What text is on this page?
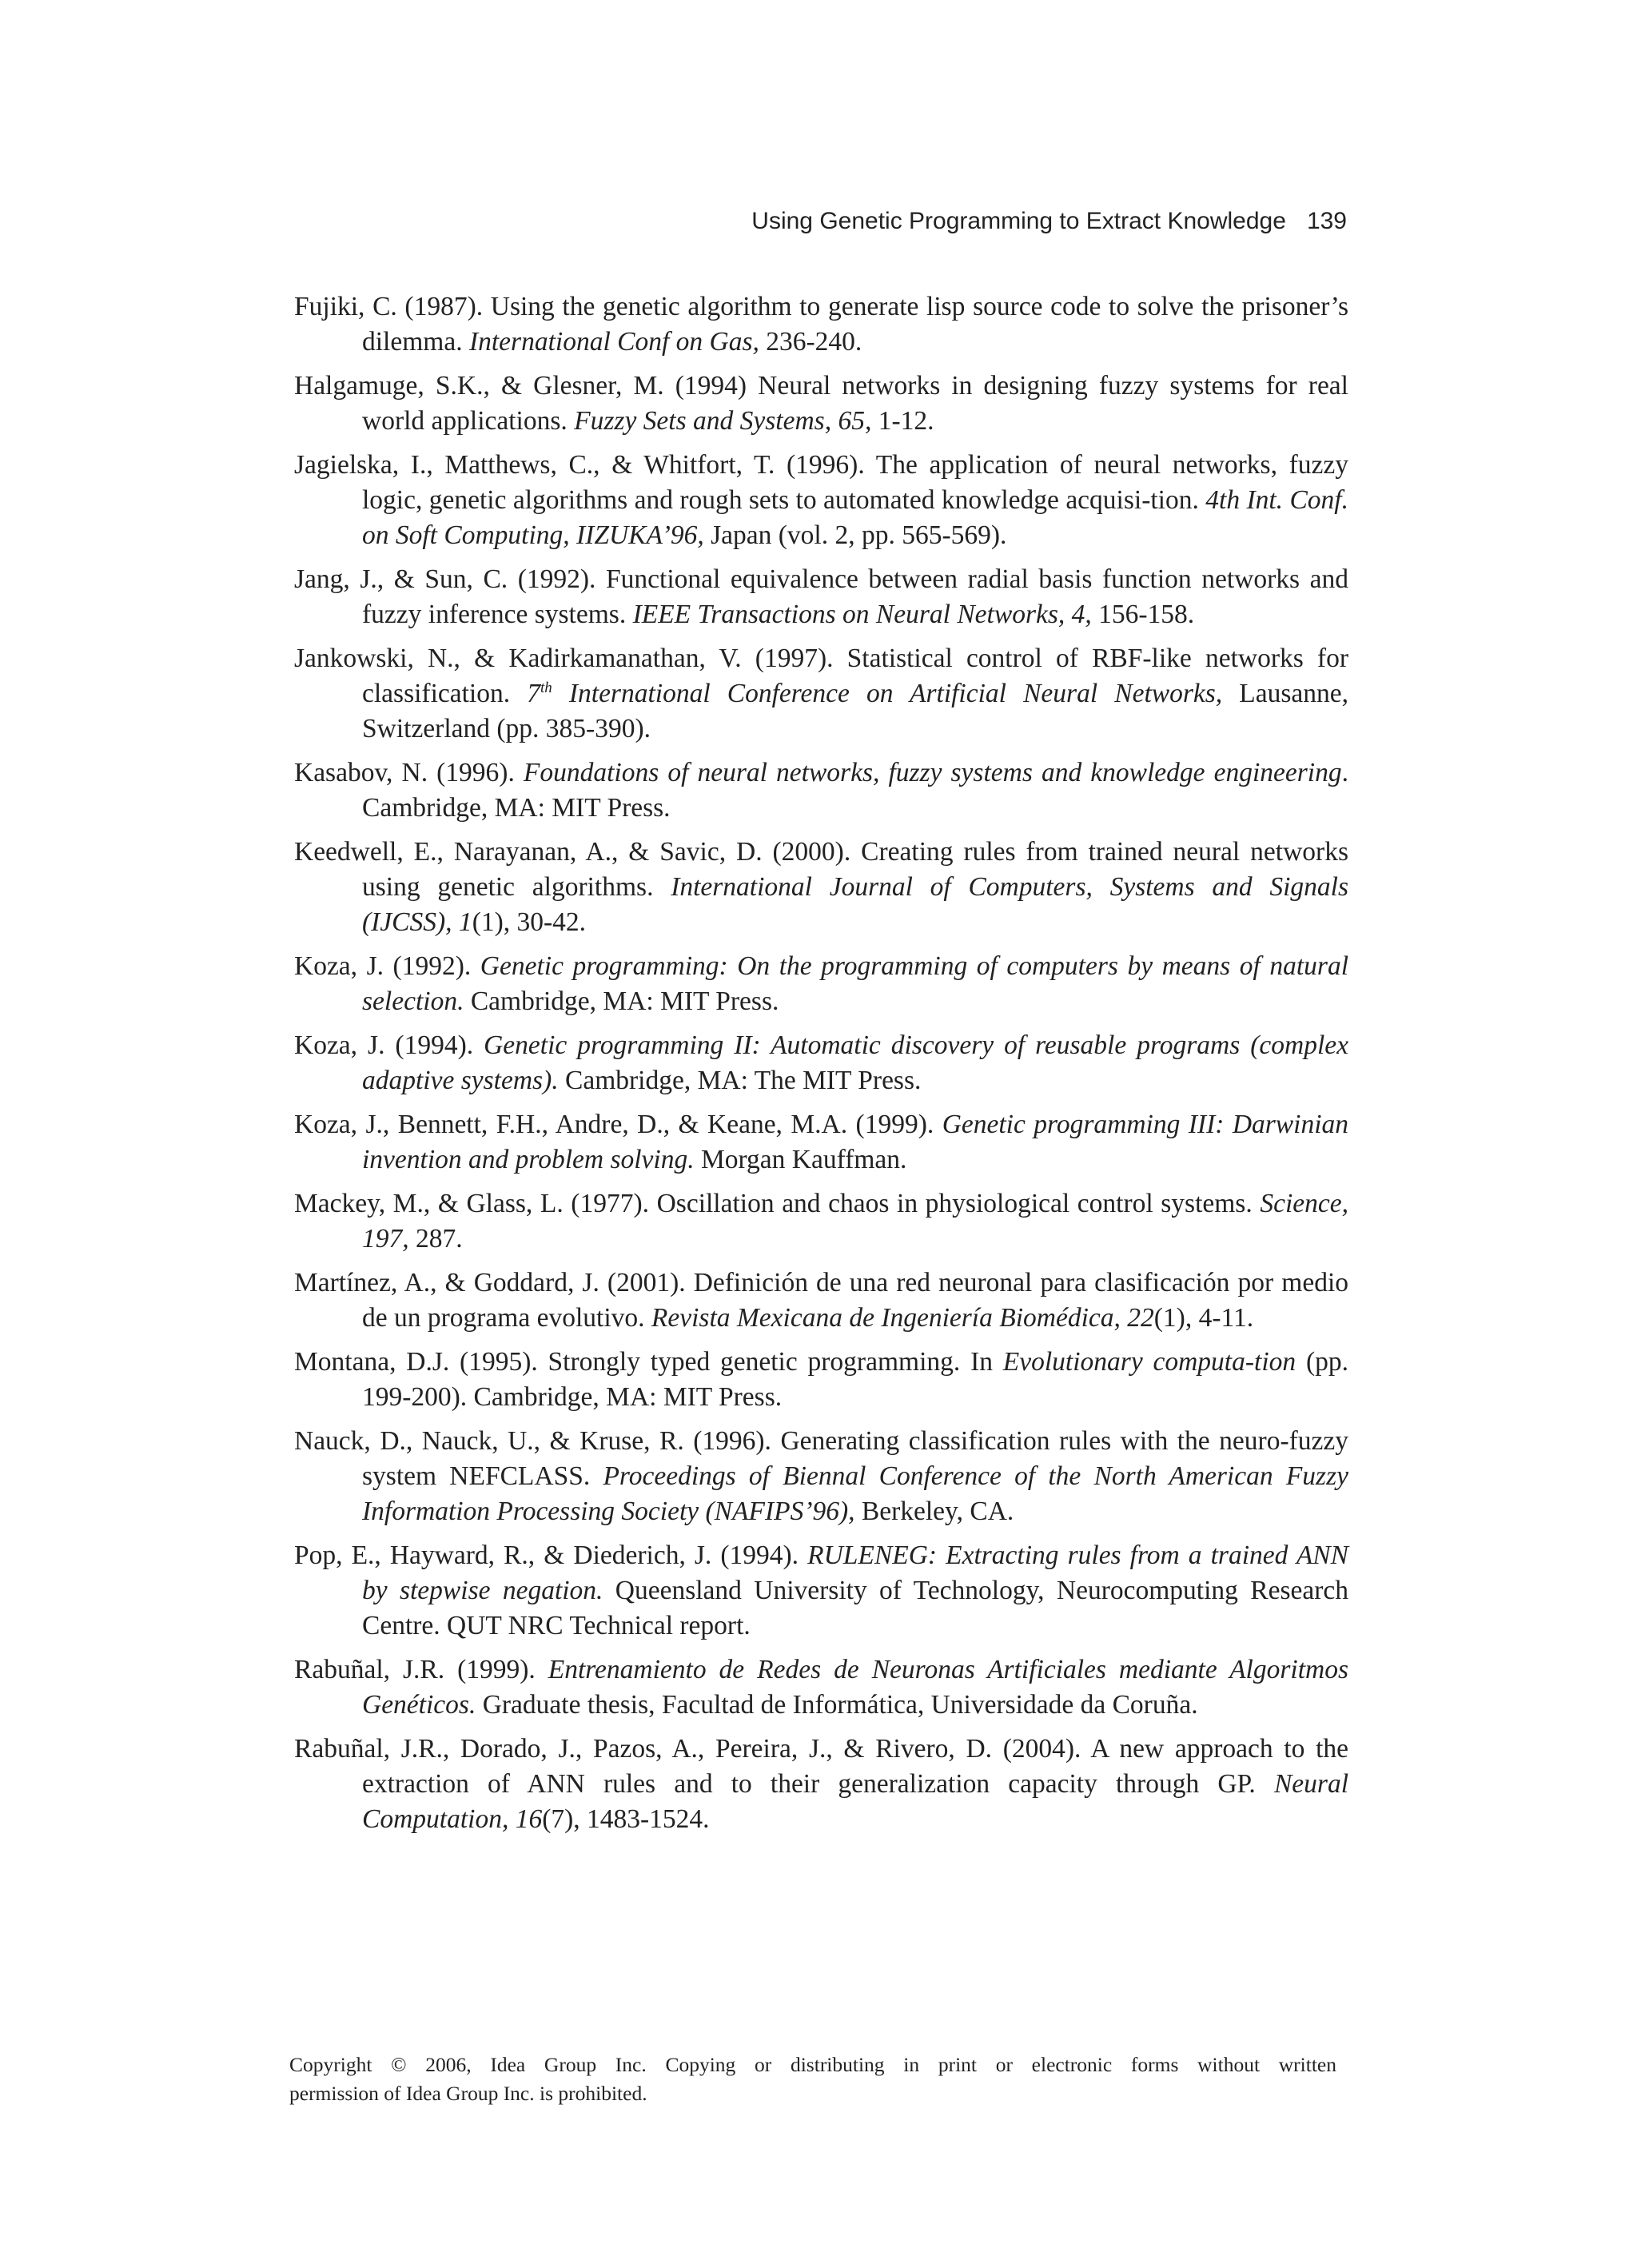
Using Genetic Programming to Extract Knowledge 139

Fujiki, C. (1987). Using the genetic algorithm to generate lisp source code to solve the prisoner’s dilemma. International Conf on Gas, 236-240.

Halgamuge, S.K., & Glesner, M. (1994) Neural networks in designing fuzzy systems for real world applications. Fuzzy Sets and Systems, 65, 1-12.

Jagielska, I., Matthews, C., & Whitfort, T. (1996). The application of neural networks, fuzzy logic, genetic algorithms and rough sets to automated knowledge acquisi-tion. 4th Int. Conf. on Soft Computing, IIZUKA’96, Japan (vol. 2, pp. 565-569).

Jang, J., & Sun, C. (1992). Functional equivalence between radial basis function networks and fuzzy inference systems. IEEE Transactions on Neural Networks, 4, 156-158.

Jankowski, N., & Kadirkamanathan, V. (1997). Statistical control of RBF-like networks for classification. 7th International Conference on Artificial Neural Networks, Lausanne, Switzerland (pp. 385-390).

Kasabov, N. (1996). Foundations of neural networks, fuzzy systems and knowledge engineering. Cambridge, MA: MIT Press.

Keedwell, E., Narayanan, A., & Savic, D. (2000). Creating rules from trained neural networks using genetic algorithms. International Journal of Computers, Systems and Signals (IJCSS), 1(1), 30-42.

Koza, J. (1992). Genetic programming: On the programming of computers by means of natural selection. Cambridge, MA: MIT Press.

Koza, J. (1994). Genetic programming II: Automatic discovery of reusable programs (complex adaptive systems). Cambridge, MA: The MIT Press.

Koza, J., Bennett, F.H., Andre, D., & Keane, M.A. (1999). Genetic programming III: Darwinian invention and problem solving. Morgan Kauffman.

Mackey, M., & Glass, L. (1977). Oscillation and chaos in physiological control systems. Science, 197, 287.

Martínez, A., & Goddard, J. (2001). Definición de una red neuronal para clasificación por medio de un programa evolutivo. Revista Mexicana de Ingeniería Biomédica, 22(1), 4-11.

Montana, D.J. (1995). Strongly typed genetic programming. In Evolutionary computa-tion (pp. 199-200). Cambridge, MA: MIT Press.

Nauck, D., Nauck, U., & Kruse, R. (1996). Generating classification rules with the neuro-fuzzy system NEFCLASS. Proceedings of Biennal Conference of the North American Fuzzy Information Processing Society (NAFIPS’96), Berkeley, CA.

Pop, E., Hayward, R., & Diederich, J. (1994). RULENEG: Extracting rules from a trained ANN by stepwise negation. Queensland University of Technology, Neurocomputing Research Centre. QUT NRC Technical report.

Rabuñal, J.R. (1999). Entrenamiento de Redes de Neuronas Artificiales mediante Algoritmos Genéticos. Graduate thesis, Facultad de Informática, Universidade da Coruña.

Rabuñal, J.R., Dorado, J., Pazos, A., Pereira, J., & Rivero, D. (2004). A new approach to the extraction of ANN rules and to their generalization capacity through GP. Neural Computation, 16(7), 1483-1524.

Copyright © 2006, Idea Group Inc. Copying or distributing in print or electronic forms without written
permission of Idea Group Inc. is prohibited.
